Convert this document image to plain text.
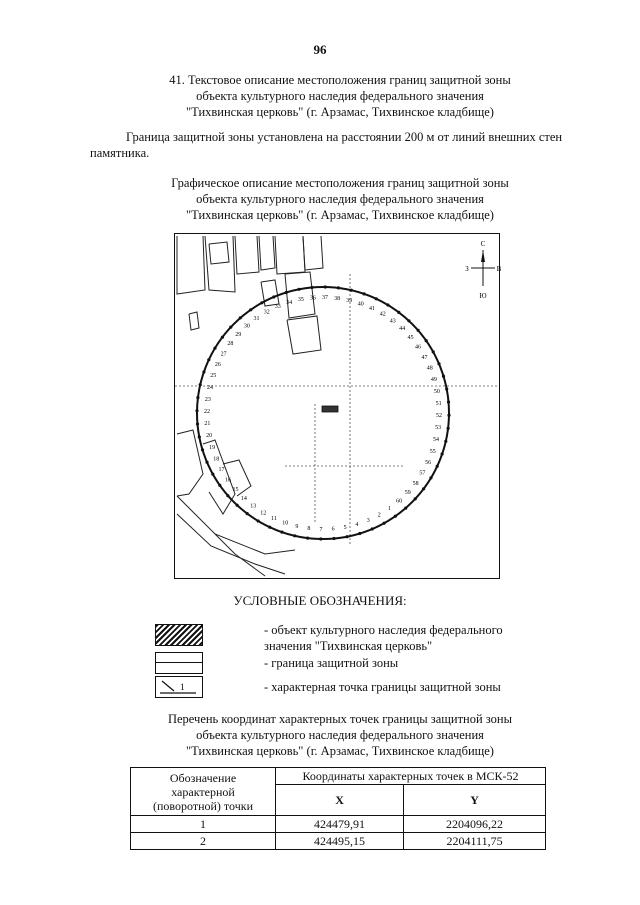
96
41. Текстовое описание местоположения границ защитной зоны
объекта культурного наследия федерального значения
"Тихвинская церковь" (г. Арзамас, Тихвинское кладбище)
Граница защитной зоны установлена на расстоянии 200 м от линий внешних стен
памятника.
Графическое описание местоположения границ защитной зоны
объекта культурного наследия федерального значения
"Тихвинская церковь" (г. Арзамас, Тихвинское кладбище)
1
2
3
4
5
6
7
8
9
10
11
12
13
14
15
16
17
18
19
20
21
22
23
24
25
26
27
28
29
30
31
32
33
34 35 36 37 38 39
40
41
42
43
44
45
46
47
48
49
50
51
52
53
54
55
56
57
58
59
60
С
З	В
Ю
УСЛОВНЫЕ ОБОЗНАЧЕНИЯ:
- объект культурного наследия федерального
значения "Тихвинская церковь"
- граница защитной зоны
1	- характерная точка границы защитной зоны
Перечень координат характерных точек границы защитной зоны
объекта культурного наследия федерального значения
"Тихвинская церковь" (г. Арзамас, Тихвинское кладбище)
Обозначение
характерной
(поворотной) точки	Координаты характерных точек в МСК-52	
	X	Y
1	424479,91	2204096,22
2	424495,15	2204111,75
